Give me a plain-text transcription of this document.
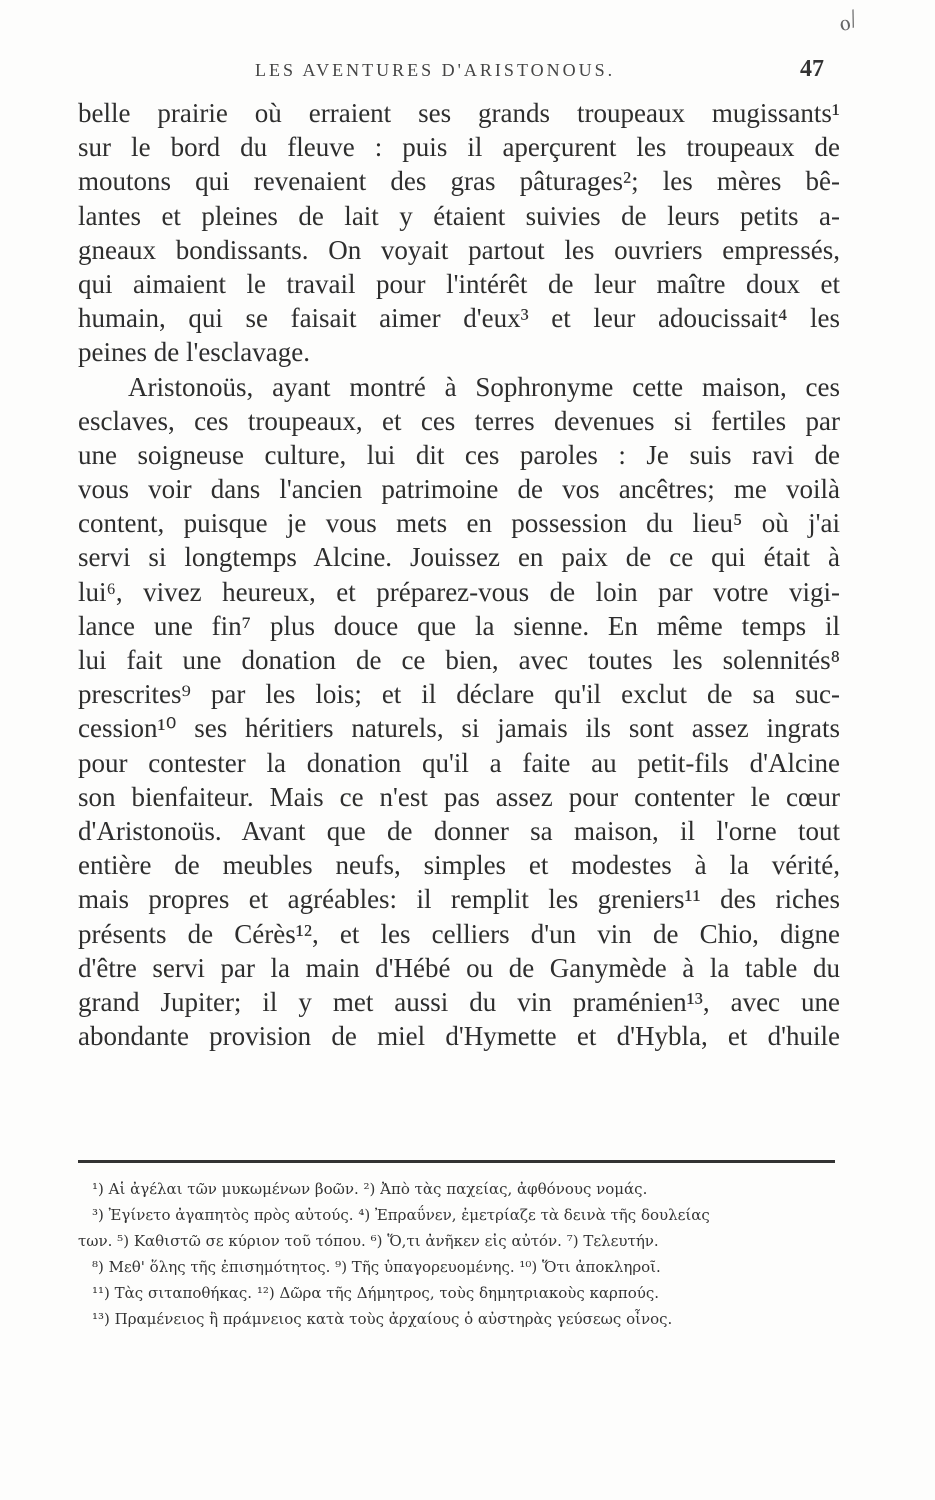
ℴ/
LES AVENTURES D'ARISTONOUS.	47
belle prairie où erraient ses grands troupeaux mugissants¹
sur le bord du fleuve : puis il aperçurent les troupeaux de
moutons qui revenaient des gras pâturages²; les mères bê-
lantes et pleines de lait y étaient suivies de leurs petits a-
gneaux bondissants. On voyait partout les ouvriers empressés,
qui aimaient le travail pour l'intérêt de leur maître doux et
humain, qui se faisait aimer d'eux³ et leur adoucissait⁴ les
peines de l'esclavage.
Aristonoüs, ayant montré à Sophronyme cette maison, ces
esclaves, ces troupeaux, et ces terres devenues si fertiles par
une soigneuse culture, lui dit ces paroles : Je suis ravi de
vous voir dans l'ancien patrimoine de vos ancêtres; me voilà
content, puisque je vous mets en possession du lieu⁵ où j'ai
servi si longtemps Alcine. Jouissez en paix de ce qui était à
lui⁶, vivez heureux, et préparez-vous de loin par votre vigi-
lance une fin⁷ plus douce que la sienne. En même temps il
lui fait une donation de ce bien, avec toutes les solennités⁸
prescrites⁹ par les lois; et il déclare qu'il exclut de sa suc-
cession¹⁰ ses héritiers naturels, si jamais ils sont assez ingrats
pour contester la donation qu'il a faite au petit-fils d'Alcine
son bienfaiteur. Mais ce n'est pas assez pour contenter le cœur
d'Aristonoüs. Avant que de donner sa maison, il l'orne tout
entière de meubles neufs, simples et modestes à la vérité,
mais propres et agréables: il remplit les greniers¹¹ des riches
présents de Cérès¹², et les celliers d'un vin de Chio, digne
d'être servi par la main d'Hébé ou de Ganymède à la table du
grand Jupiter; il y met aussi du vin praménien¹³, avec une
abondante provision de miel d'Hymette et d'Hybla, et d'huile
¹) Αἱ ἀγέλαι τῶν μυκωμένων βοῶν. ²) Ἀπὸ τὰς παχείας, ἀφθόνους νομάς.
³) Ἐγίνετο ἀγαπητὸς πρὸς αὐτούς. ⁴) Ἐπραΰνεν, ἐμετρίαζε τὰ δεινὰ τῆς δουλείας
των. ⁵) Καθιστῶ σε κύριον τοῦ τόπου. ⁶) Ὅ,τι ἀνῆκεν εἰς αὐτόν. ⁷) Τελευτήν.
⁸) Μεθ' ὅλης τῆς ἐπισημότητος. ⁹) Τῆς ὑπαγορευομένης. ¹⁰) Ὅτι ἀποκληροῖ.
¹¹) Τὰς σιταποθήκας. ¹²) Δῶρα τῆς Δήμητρος, τοὺς δημητριακοὺς καρπούς.
¹³) Πραμένειος ἢ πράμνειος κατὰ τοὺς ἀρχαίους ὁ αὐστηρὰς γεύσεως οἶνος.
